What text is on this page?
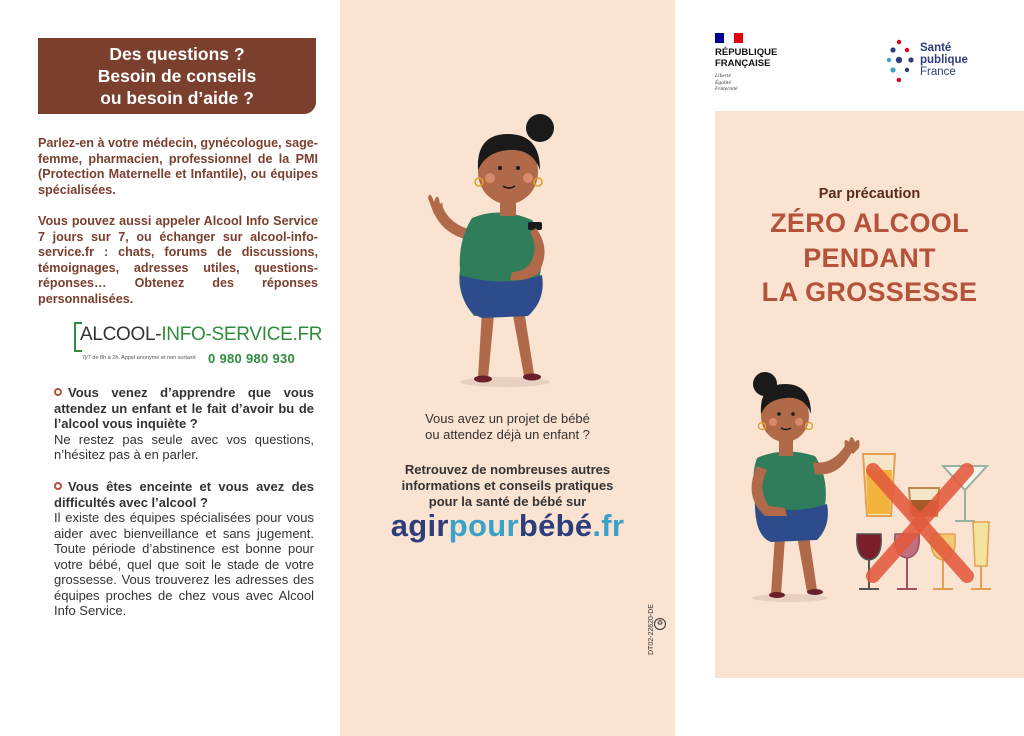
Des questions ?
Besoin de conseils
ou besoin d’aide ?

Parlez-en à votre médecin, gynécologue, sage-femme, pharmacien, professionnel de la PMI (Protection Maternelle et Infantile), ou équipes spécialisées.

Vous pouvez aussi appeler Alcool Info Service 7 jours sur 7, ou échanger sur alcool-info-service.fr : chats, forums de discussions, témoignages, adresses utiles, questions-réponses… Obtenez des réponses personnalisées.

ALCOOL-INFO-SERVICE.FR
7j/7 de 8h à 2h. Appel anonyme et non surtaxé 0 980 980 930
Vous venez d’apprendre que vous attendez un enfant et le fait d’avoir bu de l’alcool vous inquiète ?
Ne restez pas seule avec vos questions, n’hésitez pas à en parler.
Vous êtes enceinte et vous avez des difficultés avec l’alcool ?
Il existe des équipes spécialisées pour vous aider avec bienveillance et sans jugement. Toute période d’abstinence est bonne pour votre bébé, quel que soit le stade de votre grossesse. Vous trouverez les adresses des équipes proches de chez vous avec Alcool Info Service.
Vous avez un projet de bébé
ou attendez déjà un enfant ?
Retrouvez de nombreuses autres
informations et conseils pratiques
pour la santé de bébé sur
agirpourbébé.fr
♻
DT02-22620-DE
RÉPUBLIQUE
FRANÇAISE
Liberté
Égalité
Fraternité
Santé
publique
France
Par précaution
ZÉRO ALCOOL
PENDANT
LA GROSSESSE
